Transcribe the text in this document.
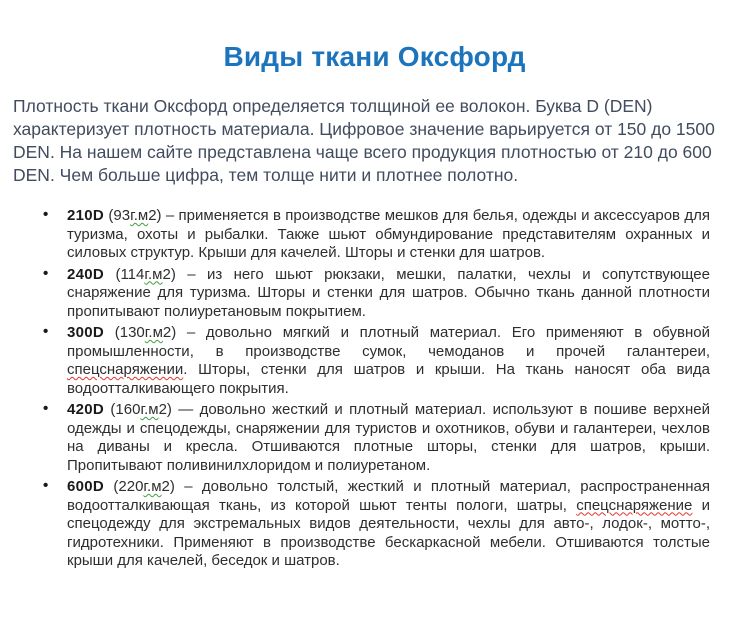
Виды ткани Оксфорд

Плотность ткани Оксфорд определяется толщиной ее волокон. Буква D (DEN) характеризует плотность материала. Цифровое значение варьируется от 150 до 1500 DEN. На нашем сайте представлена чаще всего продукция плотностью от 210 до 600 DEN. Чем больше цифра, тем толще нити и плотнее полотно.

• 210D (93г.м2) – применяется в производстве мешков для белья, одежды и аксессуаров для туризма, охоты и рыбалки. Также шьют обмундирование представителям охранных и силовых структур. Крыши для качелей. Шторы и стенки для шатров.
• 240D (114г.м2) – из него шьют рюкзаки, мешки, палатки, чехлы и сопутствующее снаряжение для туризма. Шторы и стенки для шатров. Обычно ткань данной плотности пропитывают полиуретановым покрытием.
• 300D (130г.м2) – довольно мягкий и плотный материал. Его применяют в обувной промышленности, в производстве сумок, чемоданов и прочей галантереи, спецснаряжении. Шторы, стенки для шатров и крыши. На ткань наносят оба вида водоотталкивающего покрытия.
• 420D (160г.м2) — довольно жесткий и плотный материал. используют в пошиве верхней одежды и спецодежды, снаряжении для туристов и охотников, обуви и галантереи, чехлов на диваны и кресла. Отшиваются плотные шторы, стенки для шатров, крыши. Пропитывают поливинилхлоридом и полиуретаном.
• 600D (220г.м2) – довольно толстый, жесткий и плотный материал, распространенная водоотталкивающая ткань, из которой шьют тенты пологи, шатры, спецснаряжение и спецодежду для экстремальных видов деятельности, чехлы для авто-, лодок-, мотто-, гидротехники. Применяют в производстве бескаркасной мебели. Отшиваются толстые крыши для качелей, беседок и шатров.
